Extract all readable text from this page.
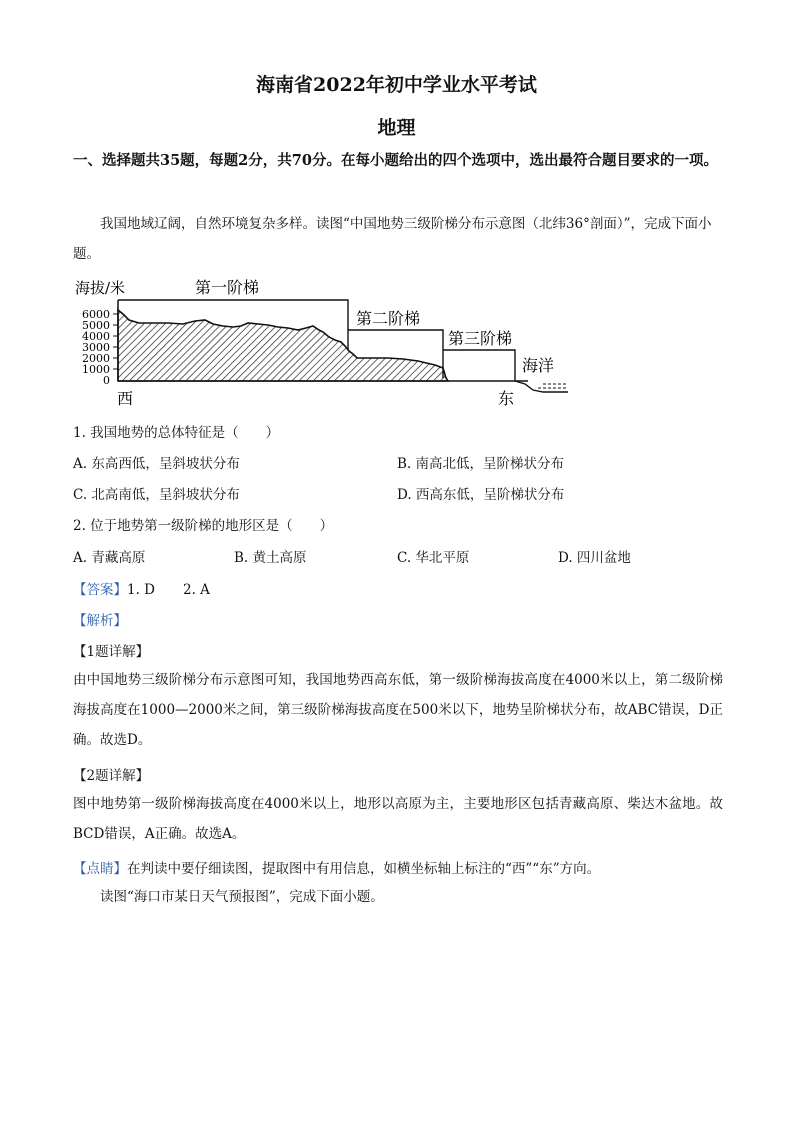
海南省2022年初中学业水平考试
地理
一、选择题共35题，每题2分，共70分。在每小题给出的四个选项中，选出最符合题目要求的一项。
我国地域辽阔，自然环境复杂多样。读图“中国地势三级阶梯分布示意图（北纬36°剖面）”，完成下面小题。
海拔/米
6000
5000
4000
3000
2000
1000
0
第一阶梯
第二阶梯
第三阶梯
海洋
西	东
1. 我国地势的总体特征是（　　）
A. 东高西低，呈斜坡状分布	B. 南高北低，呈阶梯状分布
C. 北高南低，呈斜坡状分布	D. 西高东低，呈阶梯状分布
2. 位于地势第一级阶梯的地形区是（　　）
A. 青藏高原	B. 黄土高原	C. 华北平原	D. 四川盆地
【答案】1. D 2. A
【解析】
【1题详解】
由中国地势三级阶梯分布示意图可知，我国地势西高东低，第一级阶梯海拔高度在4000米以上，第二级阶梯海拔高度在1000—2000米之间，第三级阶梯海拔高度在500米以下，地势呈阶梯状分布，故ABC错误，D正确。故选D。
【2题详解】
图中地势第一级阶梯海拔高度在4000米以上，地形以高原为主，主要地形区包括青藏高原、柴达木盆地。故BCD错误，A正确。故选A。
【点睛】在判读中要仔细读图，提取图中有用信息，如横坐标轴上标注的“西”“东”方向。
读图“海口市某日天气预报图”，完成下面小题。
